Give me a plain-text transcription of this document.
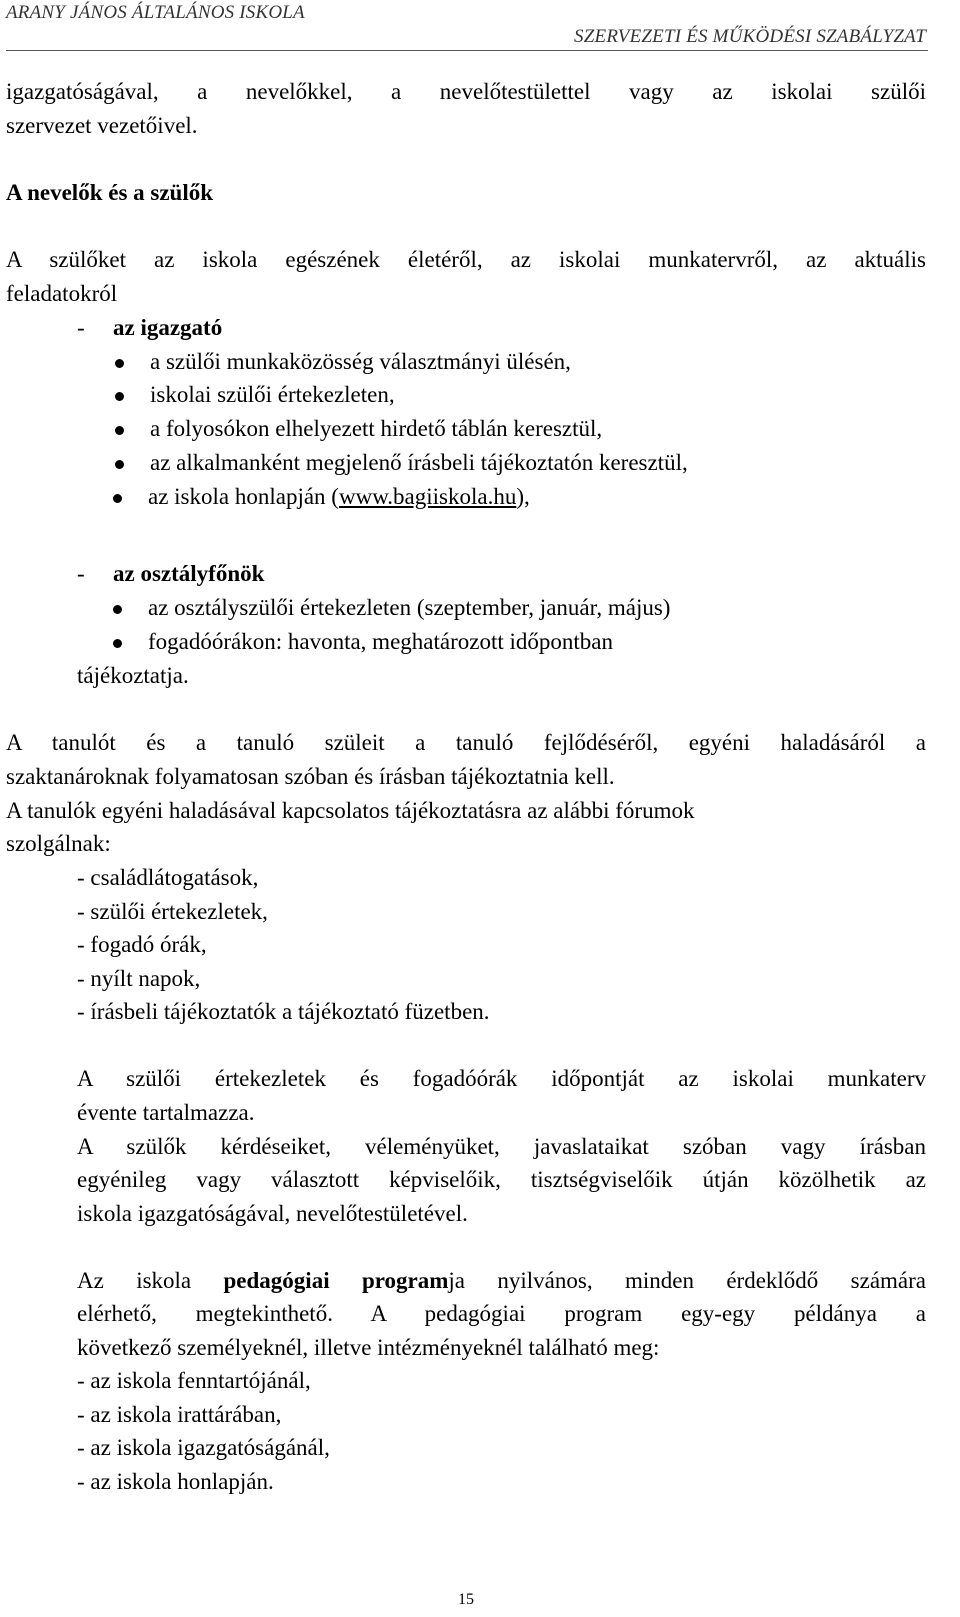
ARANY JÁNOS ÁLTALÁNOS ISKOLA
SZERVEZETI ÉS MŰKÖDÉSI SZABÁLYZAT
igazgatóságával, a nevelőkkel, a nevelőtestülettel vagy az iskolai szülői
szervezet vezetőivel.
A nevelők és a szülők
A szülőket az iskola egészének életéről, az iskolai munkatervről, az aktuális
feladatokról
- az igazgató
a szülői munkaközösség választmányi ülésén,
iskolai szülői értekezleten,
a folyosókon elhelyezett hirdető táblán keresztül,
az alkalmanként megjelenő írásbeli tájékoztatón keresztül,
az iskola honlapján (www.bagiiskola.hu),
- az osztályfőnök
az osztályszülői értekezleten (szeptember, január, május)
fogadóórákon: havonta, meghatározott időpontban
tájékoztatja.
A tanulót és a tanuló szüleit a tanuló fejlődéséről, egyéni haladásáról a
szaktanároknak folyamatosan szóban és írásban tájékoztatnia kell.
A tanulók egyéni haladásával kapcsolatos tájékoztatásra az alábbi fórumok
szolgálnak:
- családlátogatások,
- szülői értekezletek,
- fogadó órák,
- nyílt napok,
- írásbeli tájékoztatók a tájékoztató füzetben.
A szülői értekezletek és fogadóórák időpontját az iskolai munkaterv
évente tartalmazza.
A szülők kérdéseiket, véleményüket, javaslataikat szóban vagy írásban
egyénileg vagy választott képviselőik, tisztségviselőik útján közölhetik az
iskola igazgatóságával, nevelőtestületével.
Az iskola pedagógiai programja nyilvános, minden érdeklődő számára
elérhető, megtekinthető. A pedagógiai program egy-egy példánya a
következő személyeknél, illetve intézményeknél található meg:
- az iskola fenntartójánál,
- az iskola irattárában,
- az iskola igazgatóságánál,
- az iskola honlapján.
15
